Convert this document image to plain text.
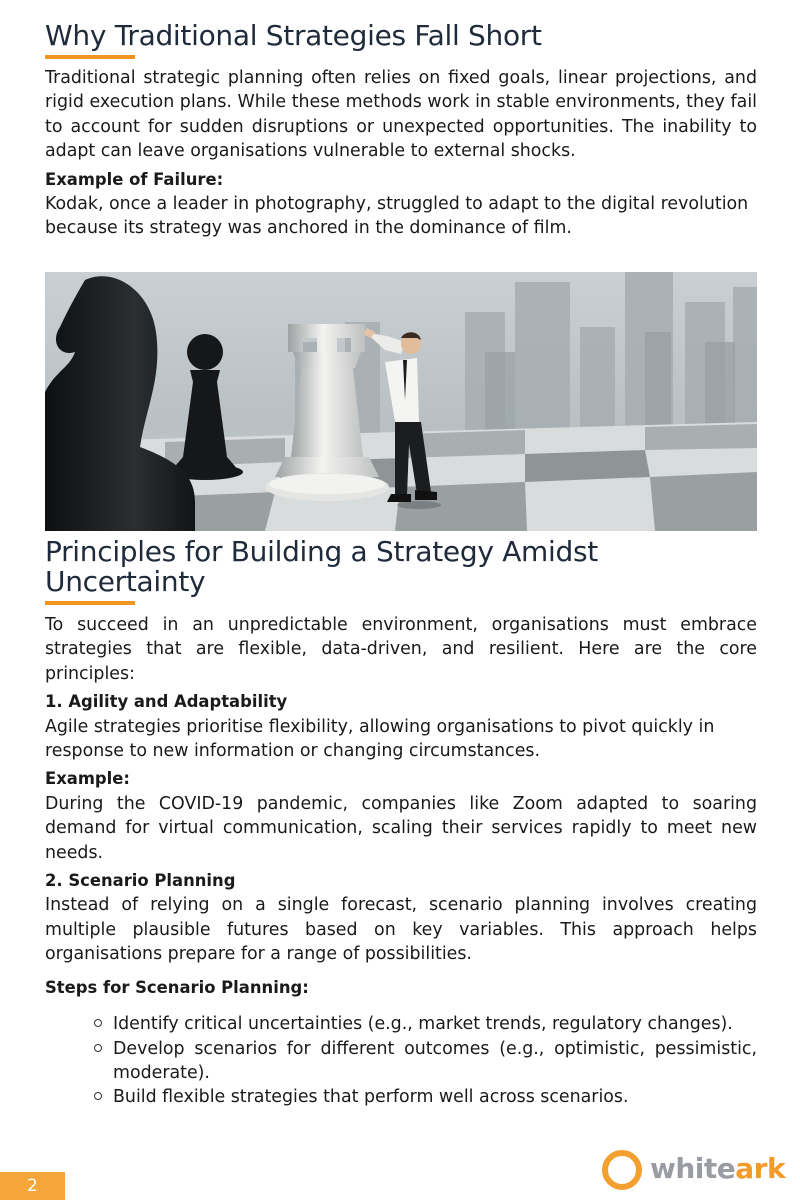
Why Traditional Strategies Fall Short

Traditional strategic planning often relies on fixed goals, linear projections, and rigid execution plans. While these methods work in stable environments, they fail to account for sudden disruptions or unexpected opportunities. The inability to adapt can leave organisations vulnerable to external shocks.

Example of Failure:

Kodak, once a leader in photography, struggled to adapt to the digital revolution because its strategy was anchored in the dominance of film.

Principles for Building a Strategy Amidst Uncertainty

To succeed in an unpredictable environment, organisations must embrace strategies that are flexible, data-driven, and resilient. Here are the core principles:

1. Agility and Adaptability

Agile strategies prioritise flexibility, allowing organisations to pivot quickly in response to new information or changing circumstances.

Example:

During the COVID-19 pandemic, companies like Zoom adapted to soaring demand for virtual communication, scaling their services rapidly to meet new needs.

2. Scenario Planning

Instead of relying on a single forecast, scenario planning involves creating multiple plausible futures based on key variables. This approach helps organisations prepare for a range of possibilities.

Steps for Scenario Planning:
Identify critical uncertainties (e.g., market trends, regulatory changes).
Develop scenarios for different outcomes (e.g., optimistic, pessimistic, moderate).
Build flexible strategies that perform well across scenarios.
2
whiteark
